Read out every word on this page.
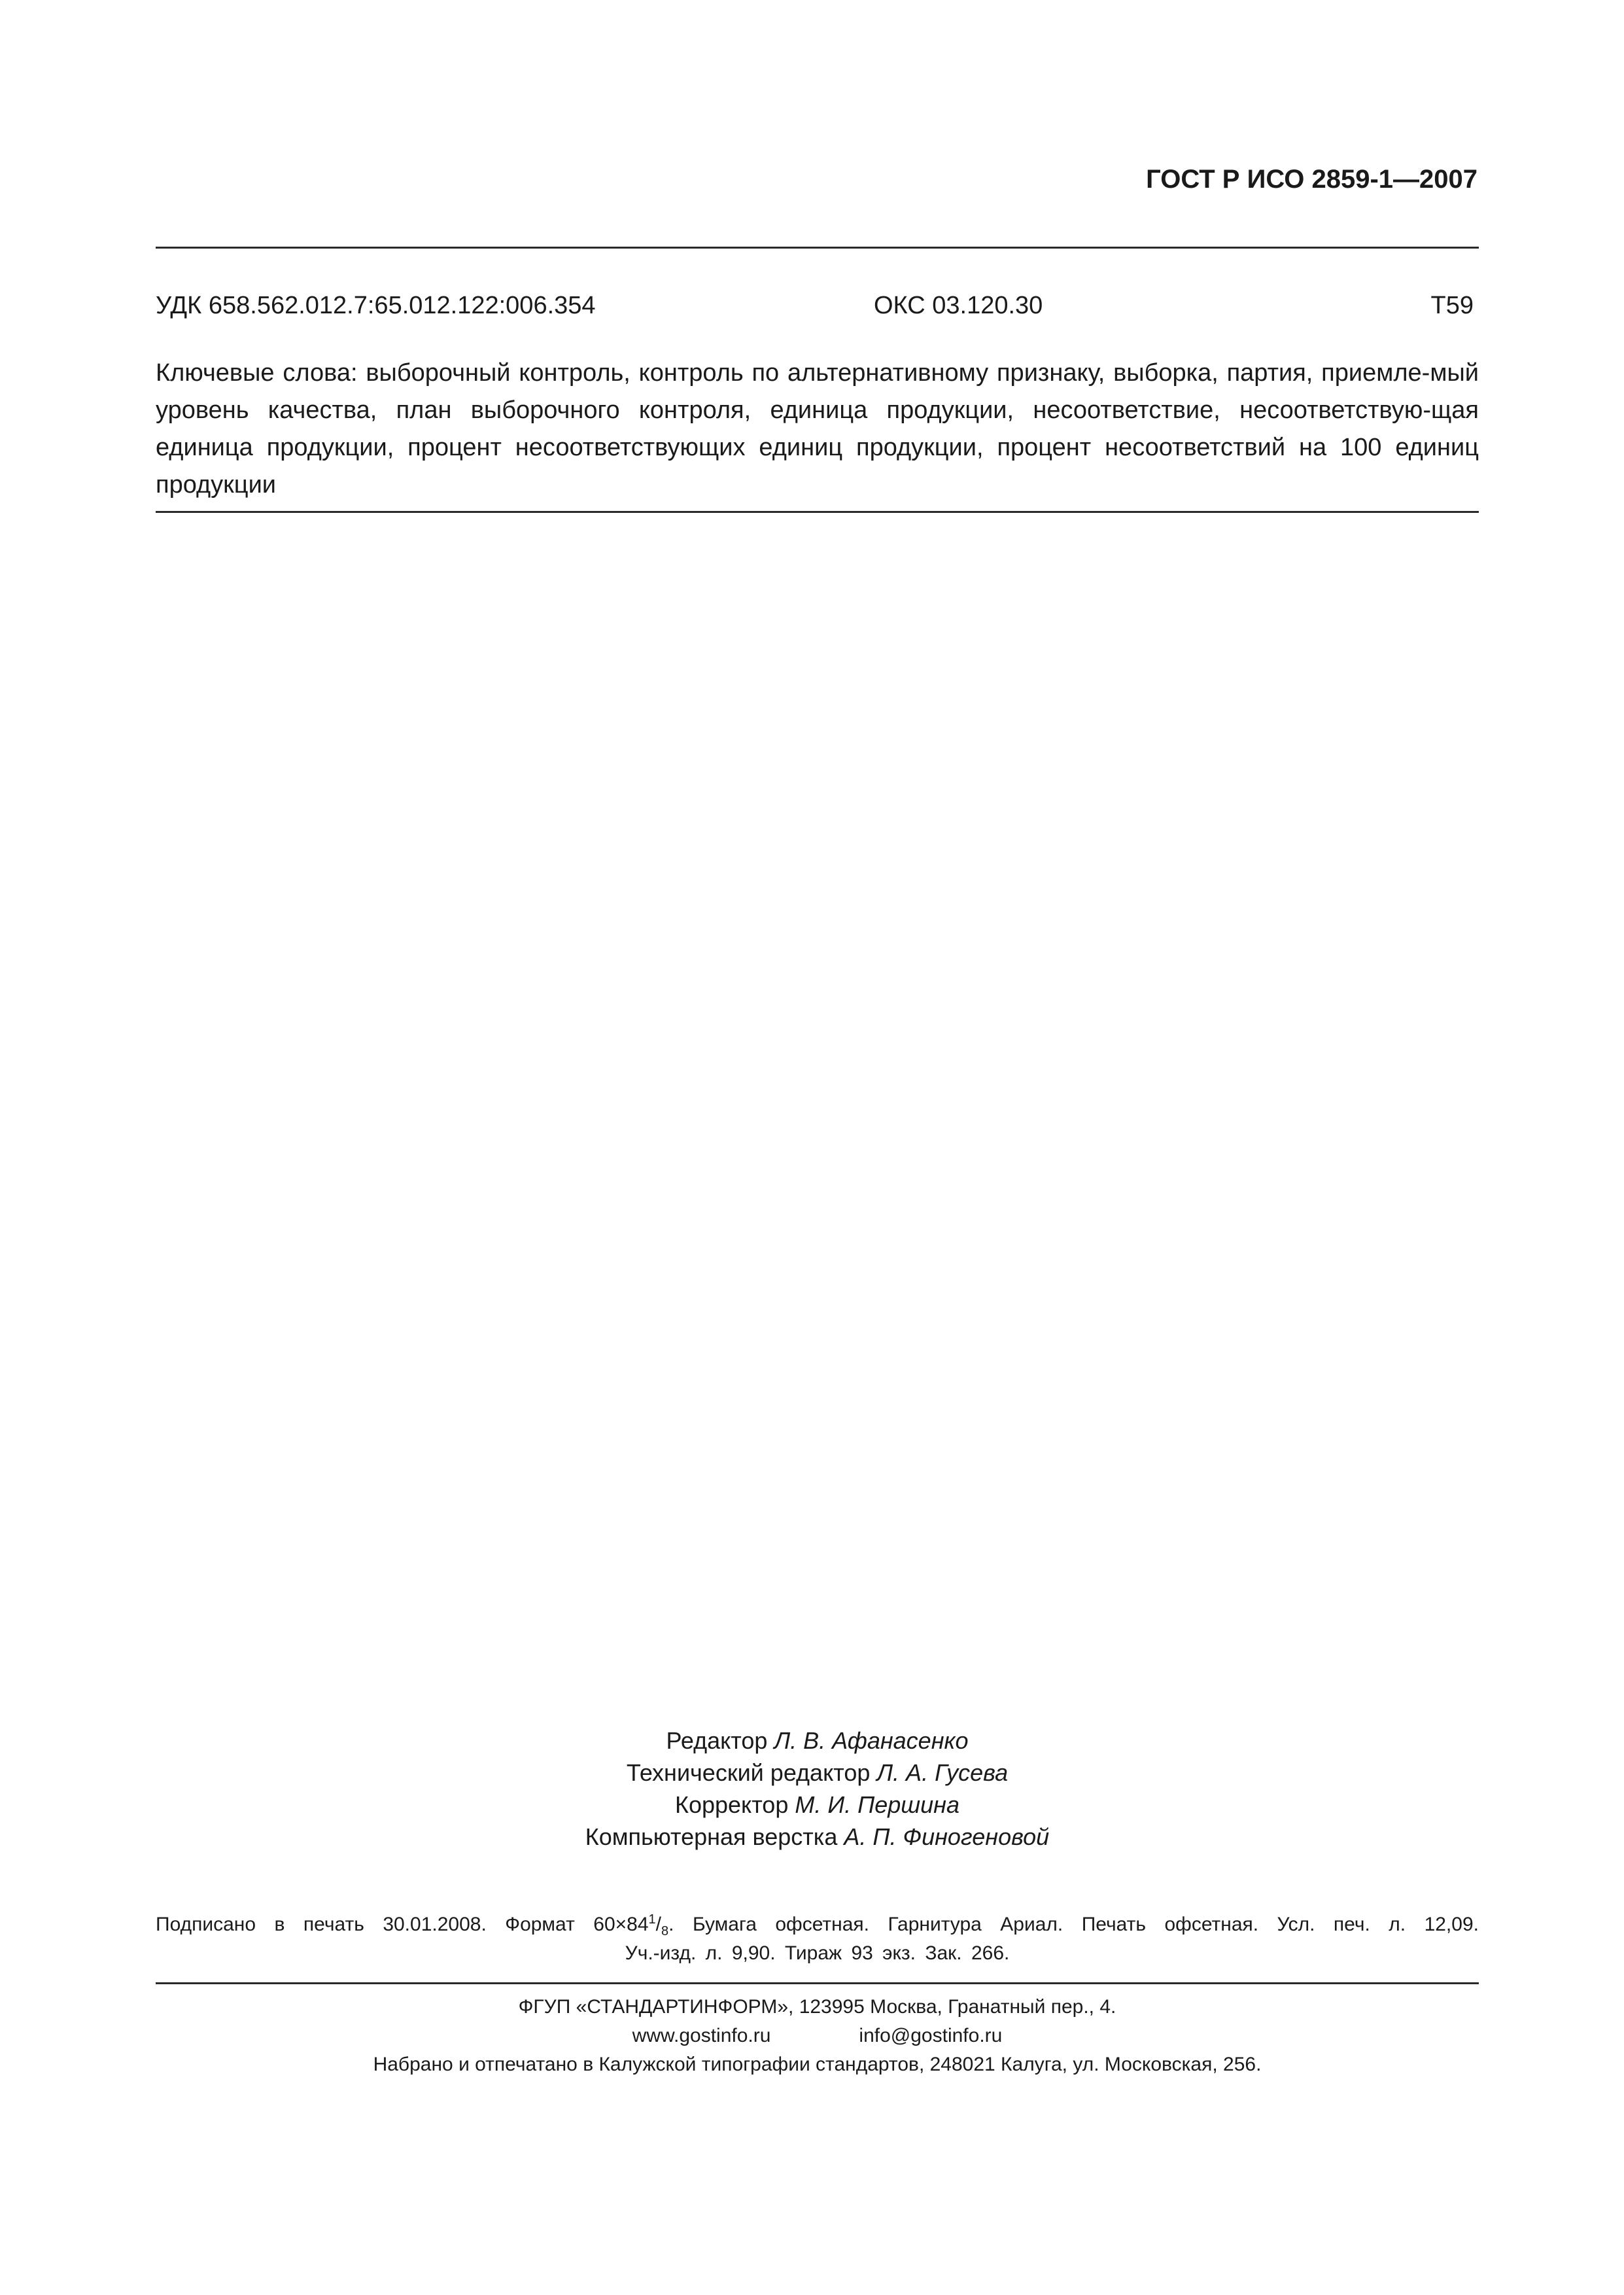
ГОСТ Р ИСО 2859-1—2007
УДК 658.562.012.7:65.012.122:006.354	ОКС 03.120.30	Т59
Ключевые слова: выборочный контроль, контроль по альтернативному признаку, выборка, партия, приемле-мый уровень качества, план выборочного контроля, единица продукции, несоответствие, несоответствую-щая единица продукции, процент несоответствующих единиц продукции, процент несоответствий на 100 единиц продукции
Редактор Л. В. Афанасенко
Технический редактор Л. А. Гусева
Корректор М. И. Першина
Компьютерная верстка А. П. Финогеновой
Подписано в печать 30.01.2008. Формат $60\times 84^1/_8$. Бумага офсетная. Гарнитура Ариал. Печать офсетная. Усл. печ. л. 12,09.
Уч.-изд. л. 9,90. Тираж 93 экз. Зак. 266.
ФГУП «СТАНДАРТИНФОРМ», 123995 Москва, Гранатный пер., 4.
www.gostinfo.ru	info@gostinfo.ru
Набрано и отпечатано в Калужской типографии стандартов, 248021 Калуга, ул. Московская, 256.
